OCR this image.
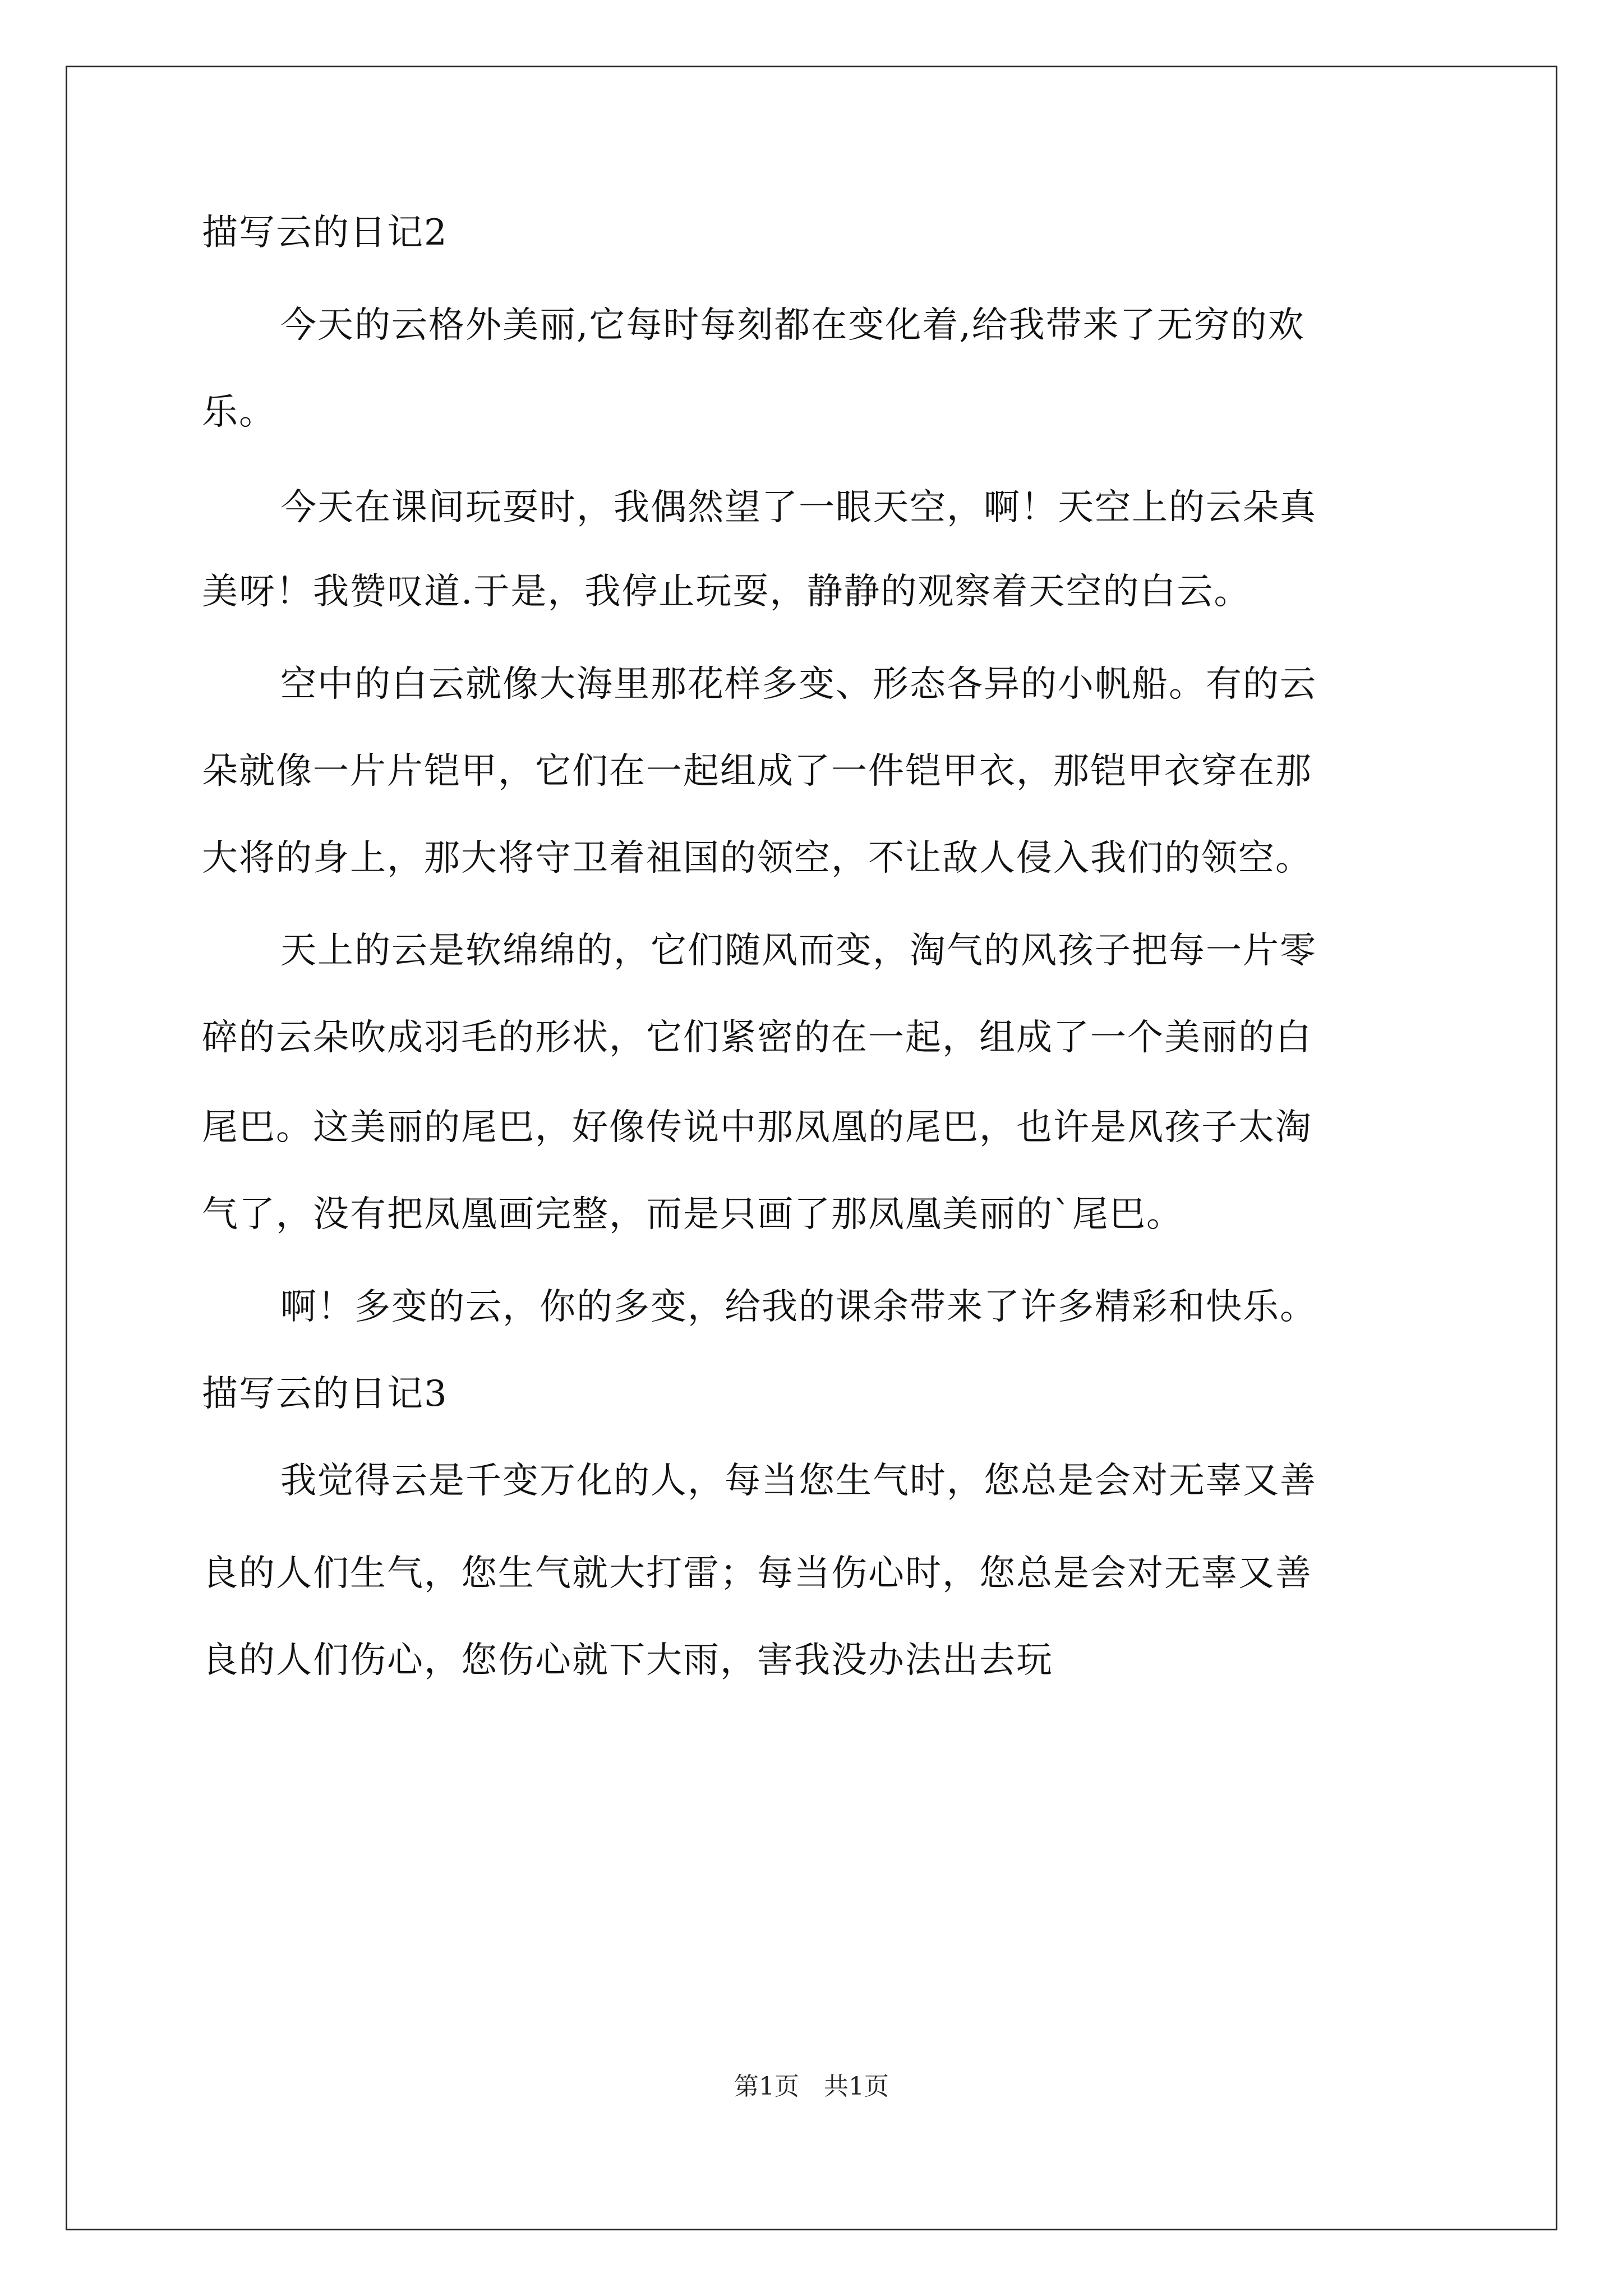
描写云的日记2
今天的云格外美丽,它每时每刻都在变化着,给我带来了无穷的欢
乐。
今天在课间玩耍时，我偶然望了一眼天空，啊！天空上的云朵真
美呀！我赞叹道.于是，我停止玩耍，静静的观察着天空的白云。
空中的白云就像大海里那花样多变、形态各异的小帆船。有的云
朵就像一片片铠甲，它们在一起组成了一件铠甲衣，那铠甲衣穿在那
大将的身上，那大将守卫着祖国的领空，不让敌人侵入我们的领空。
天上的云是软绵绵的，它们随风而变，淘气的风孩子把每一片零
碎的云朵吹成羽毛的形状，它们紧密的在一起，组成了一个美丽的白
尾巴。这美丽的尾巴，好像传说中那凤凰的尾巴，也许是风孩子太淘
气了，没有把凤凰画完整，而是只画了那凤凰美丽的`尾巴。
啊！多变的云，你的多变，给我的课余带来了许多精彩和快乐。
描写云的日记3
我觉得云是千变万化的人，每当您生气时，您总是会对无辜又善
良的人们生气，您生气就大打雷；每当伤心时，您总是会对无辜又善
良的人们伤心，您伤心就下大雨，害我没办法出去玩
第1页　共1页
